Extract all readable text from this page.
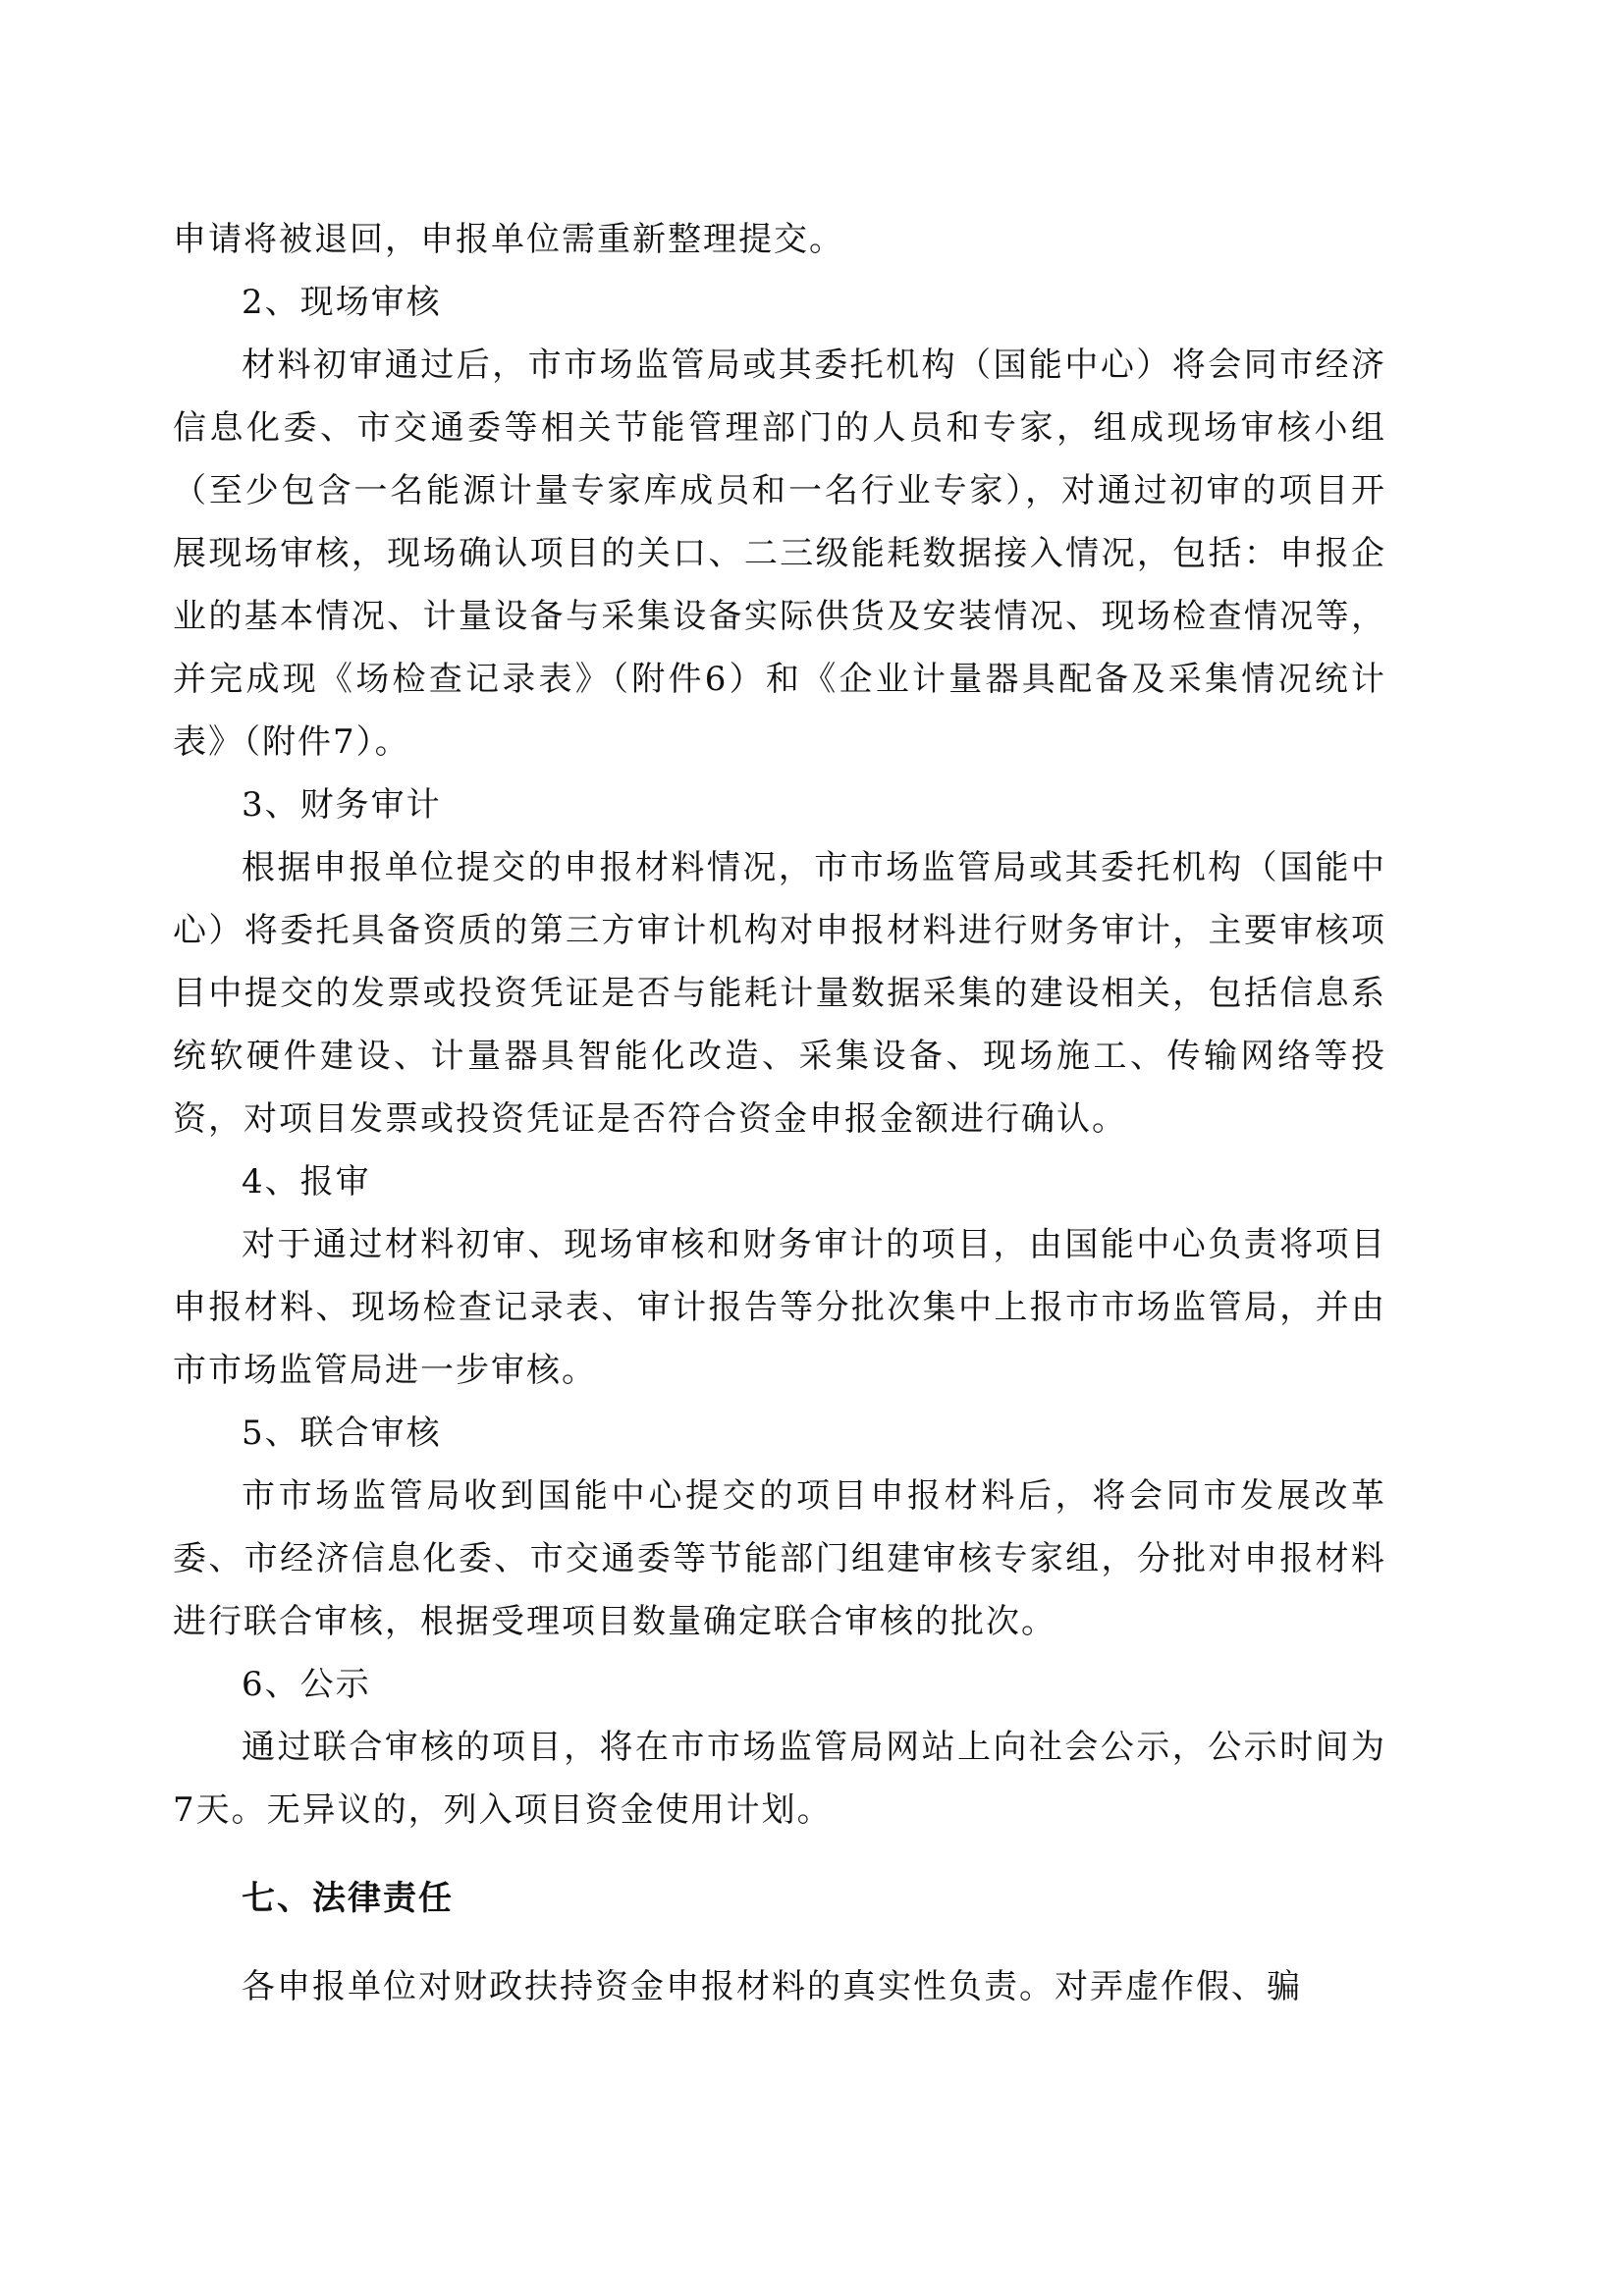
申请将被退回，申报单位需重新整理提交。

2、现场审核

材料初审通过后，市市场监管局或其委托机构（国能中心）将会同市经济信息化委、市交通委等相关节能管理部门的人员和专家，组成现场审核小组（至少包含一名能源计量专家库成员和一名行业专家），对通过初审的项目开展现场审核，现场确认项目的关口、二三级能耗数据接入情况，包括：申报企业的基本情况、计量设备与采集设备实际供货及安装情况、现场检查情况等，并完成现《场检查记录表》（附件6）和《企业计量器具配备及采集情况统计表》（附件7）。

3、财务审计

根据申报单位提交的申报材料情况，市市场监管局或其委托机构（国能中心）将委托具备资质的第三方审计机构对申报材料进行财务审计，主要审核项目中提交的发票或投资凭证是否与能耗计量数据采集的建设相关，包括信息系统软硬件建设、计量器具智能化改造、采集设备、现场施工、传输网络等投资，对项目发票或投资凭证是否符合资金申报金额进行确认。

4、报审

对于通过材料初审、现场审核和财务审计的项目，由国能中心负责将项目申报材料、现场检查记录表、审计报告等分批次集中上报市市场监管局，并由市市场监管局进一步审核。

5、联合审核

市市场监管局收到国能中心提交的项目申报材料后，将会同市发展改革委、市经济信息化委、市交通委等节能部门组建审核专家组，分批对申报材料进行联合审核，根据受理项目数量确定联合审核的批次。

6、公示

通过联合审核的项目，将在市市场监管局网站上向社会公示，公示时间为7天。无异议的，列入项目资金使用计划。

七、法律责任

各申报单位对财政扶持资金申报材料的真实性负责。对弄虚作假、骗
